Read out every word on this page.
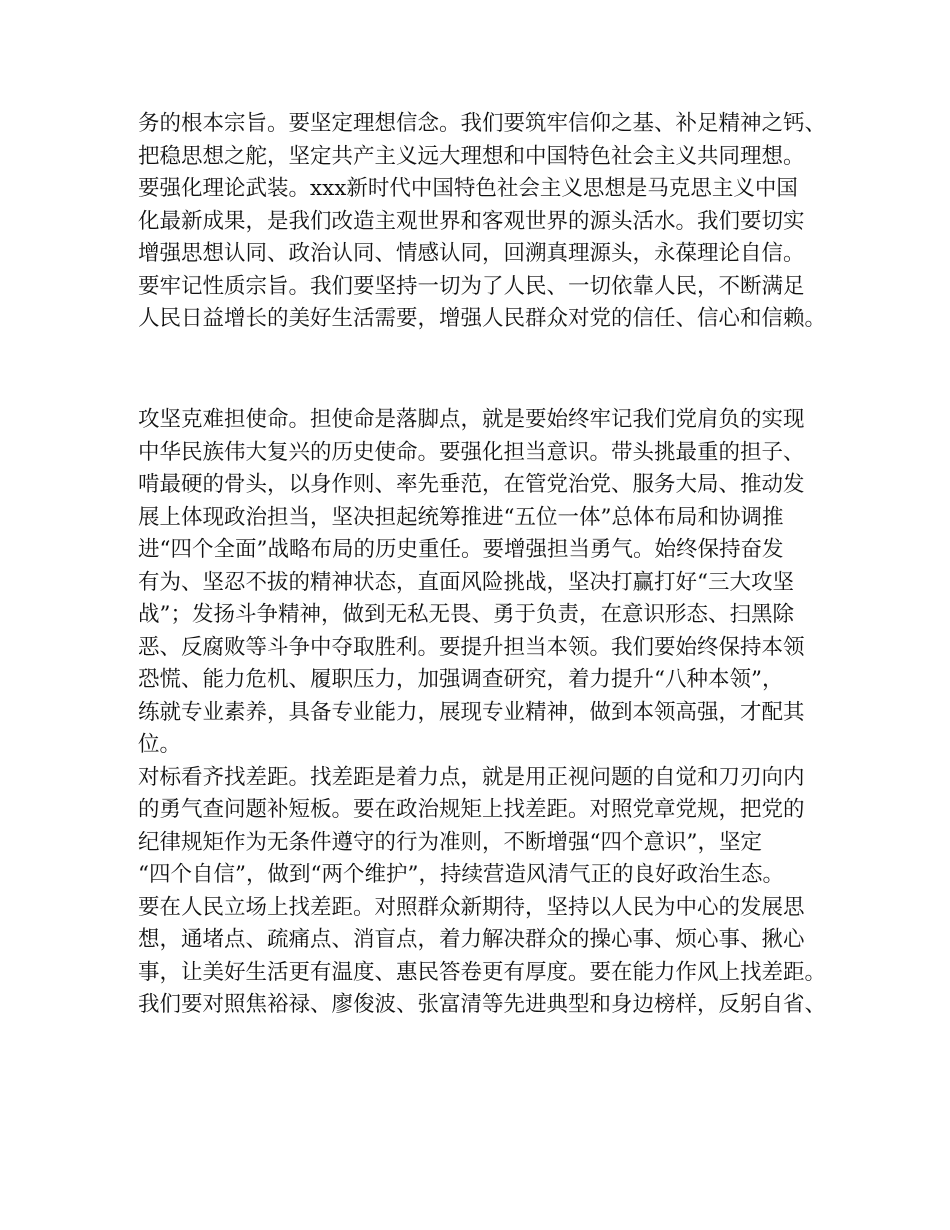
务的根本宗旨。要坚定理想信念。我们要筑牢信仰之基、补足精神之钙、
把稳思想之舵，坚定共产主义远大理想和中国特色社会主义共同理想。
要强化理论武装。xxx新时代中国特色社会主义思想是马克思主义中国
化最新成果，是我们改造主观世界和客观世界的源头活水。我们要切实
增强思想认同、政治认同、情感认同，回溯真理源头，永葆理论自信。
要牢记性质宗旨。我们要坚持一切为了人民、一切依靠人民，不断满足
人民日益增长的美好生活需要，增强人民群众对党的信任、信心和信赖。
攻坚克难担使命。担使命是落脚点，就是要始终牢记我们党肩负的实现
中华民族伟大复兴的历史使命。要强化担当意识。带头挑最重的担子、
啃最硬的骨头，以身作则、率先垂范，在管党治党、服务大局、推动发
展上体现政治担当，坚决担起统筹推进“五位一体”总体布局和协调推
进“四个全面”战略布局的历史重任。要增强担当勇气。始终保持奋发
有为、坚忍不拔的精神状态，直面风险挑战，坚决打赢打好“三大攻坚
战”；发扬斗争精神，做到无私无畏、勇于负责，在意识形态、扫黑除
恶、反腐败等斗争中夺取胜利。要提升担当本领。我们要始终保持本领
恐慌、能力危机、履职压力，加强调查研究，着力提升“八种本领”，
练就专业素养，具备专业能力，展现专业精神，做到本领高强，才配其
位。
对标看齐找差距。找差距是着力点，就是用正视问题的自觉和刀刃向内
的勇气查问题补短板。要在政治规矩上找差距。对照党章党规，把党的
纪律规矩作为无条件遵守的行为准则，不断增强“四个意识”，坚定
“四个自信”，做到“两个维护”，持续营造风清气正的良好政治生态。
要在人民立场上找差距。对照群众新期待，坚持以人民为中心的发展思
想，通堵点、疏痛点、消盲点，着力解决群众的操心事、烦心事、揪心
事，让美好生活更有温度、惠民答卷更有厚度。要在能力作风上找差距。
我们要对照焦裕禄、廖俊波、张富清等先进典型和身边榜样，反躬自省、
